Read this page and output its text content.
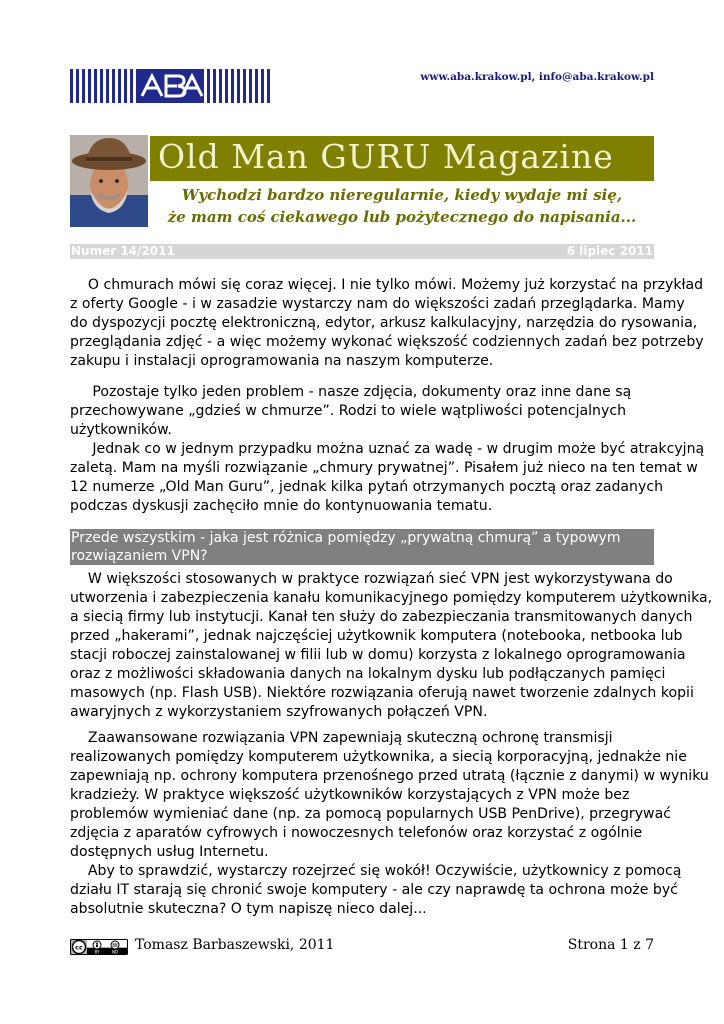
www.aba.krakow.pl, info@aba.krakow.pl
Old Man GURU Magazine
Wychodzi bardzo nieregularnie, kiedy wydaje mi się,
że mam coś ciekawego lub pożytecznego do napisania...
Numer 14/2011	6 lipiec 2011
O chmurach mówi się coraz więcej. I nie tylko mówi. Możemy już korzystać na przykład
z oferty Google - i w zasadzie wystarczy nam do większości zadań przeglądarka. Mamy
do dyspozycji pocztę elektroniczną, edytor, arkusz kalkulacyjny, narzędzia do rysowania,
przeglądania zdjęć - a więc możemy wykonać większość codziennych zadań bez potrzeby
zakupu i instalacji oprogramowania na naszym komputerze.
Pozostaje tylko jeden problem - nasze zdjęcia, dokumenty oraz inne dane są
przechowywane „gdzieś w chmurze”. Rodzi to wiele wątpliwości potencjalnych
użytkowników.
Jednak co w jednym przypadku można uznać za wadę - w drugim może być atrakcyjną
zaletą. Mam na myśli rozwiązanie „chmury prywatnej”. Pisałem już nieco na ten temat w
12 numerze „Old Man Guru”, jednak kilka pytań otrzymanych pocztą oraz zadanych
podczas dyskusji zachęciło mnie do kontynuowania tematu.
Przede wszystkim - jaka jest różnica pomiędzy „prywatną chmurą” a typowym
rozwiązaniem VPN?
W większości stosowanych w praktyce rozwiązań sieć VPN jest wykorzystywana do
utworzenia i zabezpieczenia kanału komunikacyjnego pomiędzy komputerem użytkownika,
a siecią firmy lub instytucji. Kanał ten służy do zabezpieczania transmitowanych danych
przed „hakerami”, jednak najczęściej użytkownik komputera (notebooka, netbooka lub
stacji roboczej zainstalowanej w filii lub w domu) korzysta z lokalnego oprogramowania
oraz z możliwości składowania danych na lokalnym dysku lub podłączanych pamięci
masowych (np. Flash USB). Niektóre rozwiązania oferują nawet tworzenie zdalnych kopii
awaryjnych z wykorzystaniem szyfrowanych połączeń VPN.
Zaawansowane rozwiązania VPN zapewniają skuteczną ochronę transmisji
realizowanych pomiędzy komputerem użytkownika, a siecią korporacyjną, jednakże nie
zapewniają np. ochrony komputera przenośnego przed utratą (łącznie z danymi) w wyniku
kradzieży. W praktyce większość użytkowników korzystających z VPN może bez
problemów wymieniać dane (np. za pomocą popularnych USB PenDrive), przegrywać
zdjęcia z aparatów cyfrowych i nowoczesnych telefonów oraz korzystać z ogólnie
dostępnych usług Internetu.
Aby to sprawdzić, wystarczy rozejrzeć się wokół! Oczywiście, użytkownicy z pomocą
działu IT starają się chronić swoje komputery - ale czy naprawdę ta ochrona może być
absolutnie skuteczna? O tym napiszę nieco dalej...
cc
BY	ND Tomasz Barbaszewski, 2011	Strona 1 z 7
